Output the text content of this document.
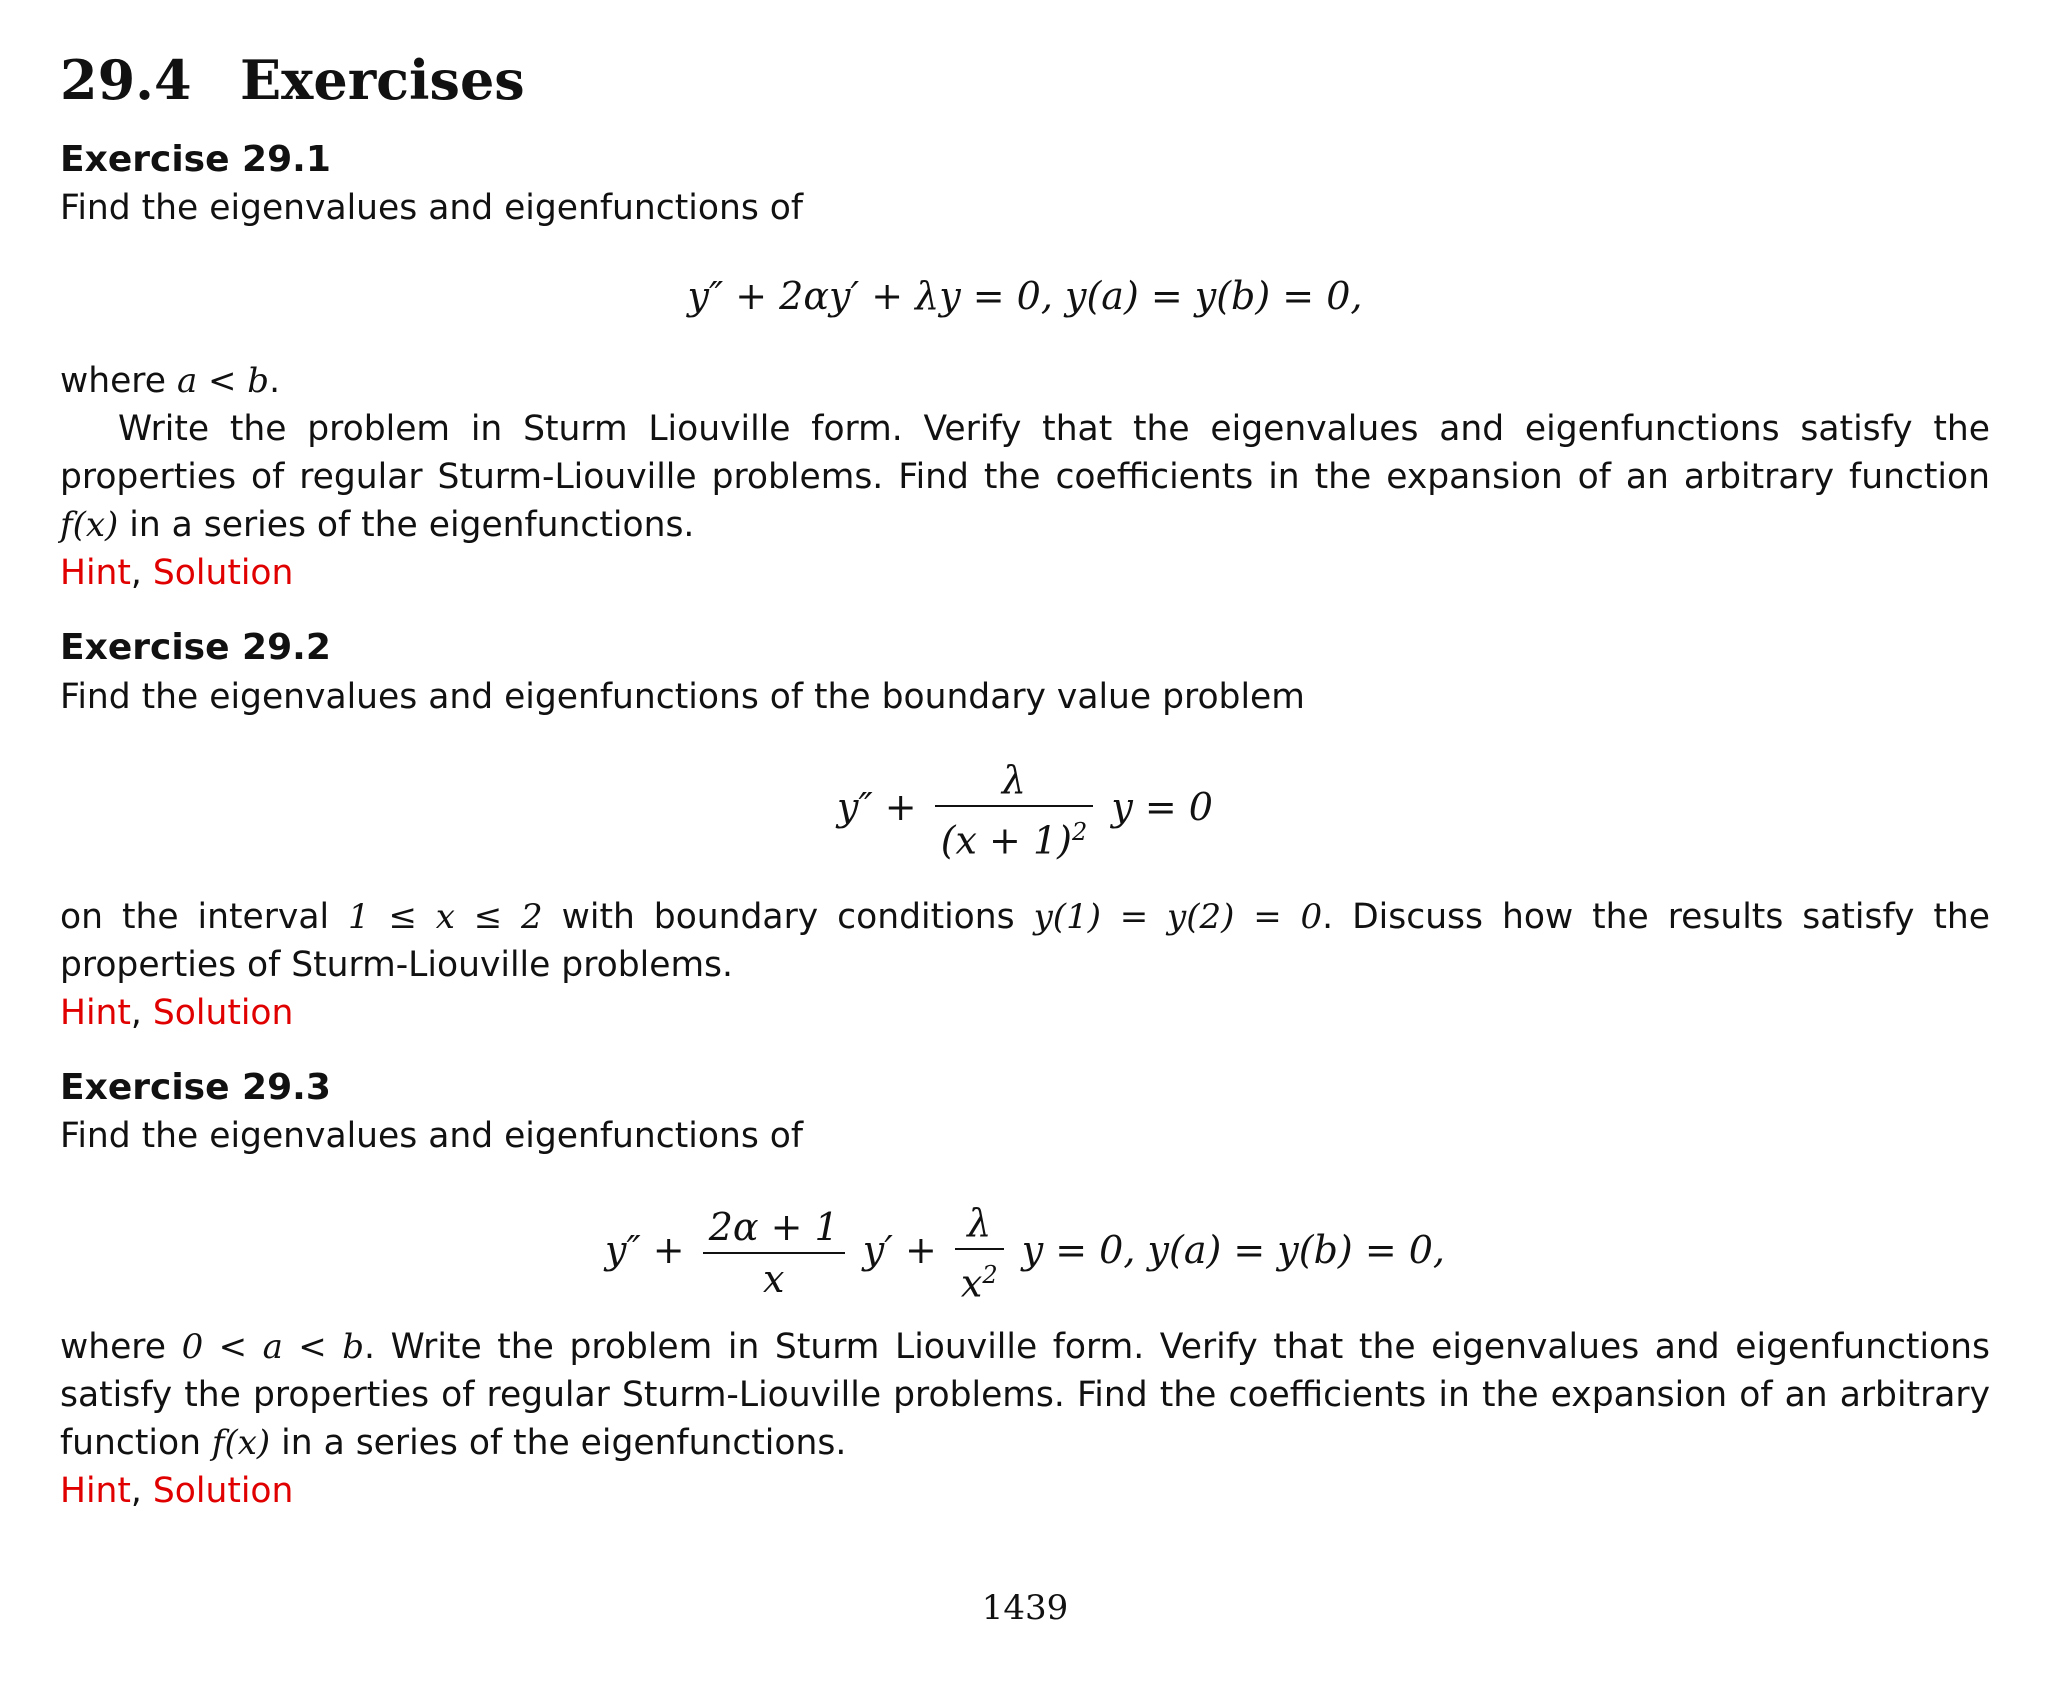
29.4 Exercises
Exercise 29.1
Find the eigenvalues and eigenfunctions of
y″ + 2αy′ + λy = 0, y(a) = y(b) = 0,
where a < b.

Write the problem in Sturm Liouville form. Verify that the eigenvalues and eigenfunctions satisfy the properties of regular Sturm-Liouville problems. Find the coefficients in the expansion of an arbitrary function f(x) in a series of the eigenfunctions.

Hint, Solution
Exercise 29.2
Find the eigenvalues and eigenfunctions of the boundary value problem
$y'' + \frac{\lambda}{(x + 1)^2}$ y = 0

on the interval 1 ≤ x ≤ 2 with boundary conditions y(1) = y(2) = 0. Discuss how the results satisfy the properties of Sturm-Liouville problems.

Hint, Solution
Exercise 29.3
Find the eigenvalues and eigenfunctions of
$y'' + \frac{2\alpha + 1}{x} y' + \frac{\lambda}{x^2}$ y = 0, y(a) = y(b) = 0,

where 0 < a < b. Write the problem in Sturm Liouville form. Verify that the eigenvalues and eigenfunctions satisfy the properties of regular Sturm-Liouville problems. Find the coefficients in the expansion of an arbitrary function f(x) in a series of the eigenfunctions.

Hint, Solution
1439
